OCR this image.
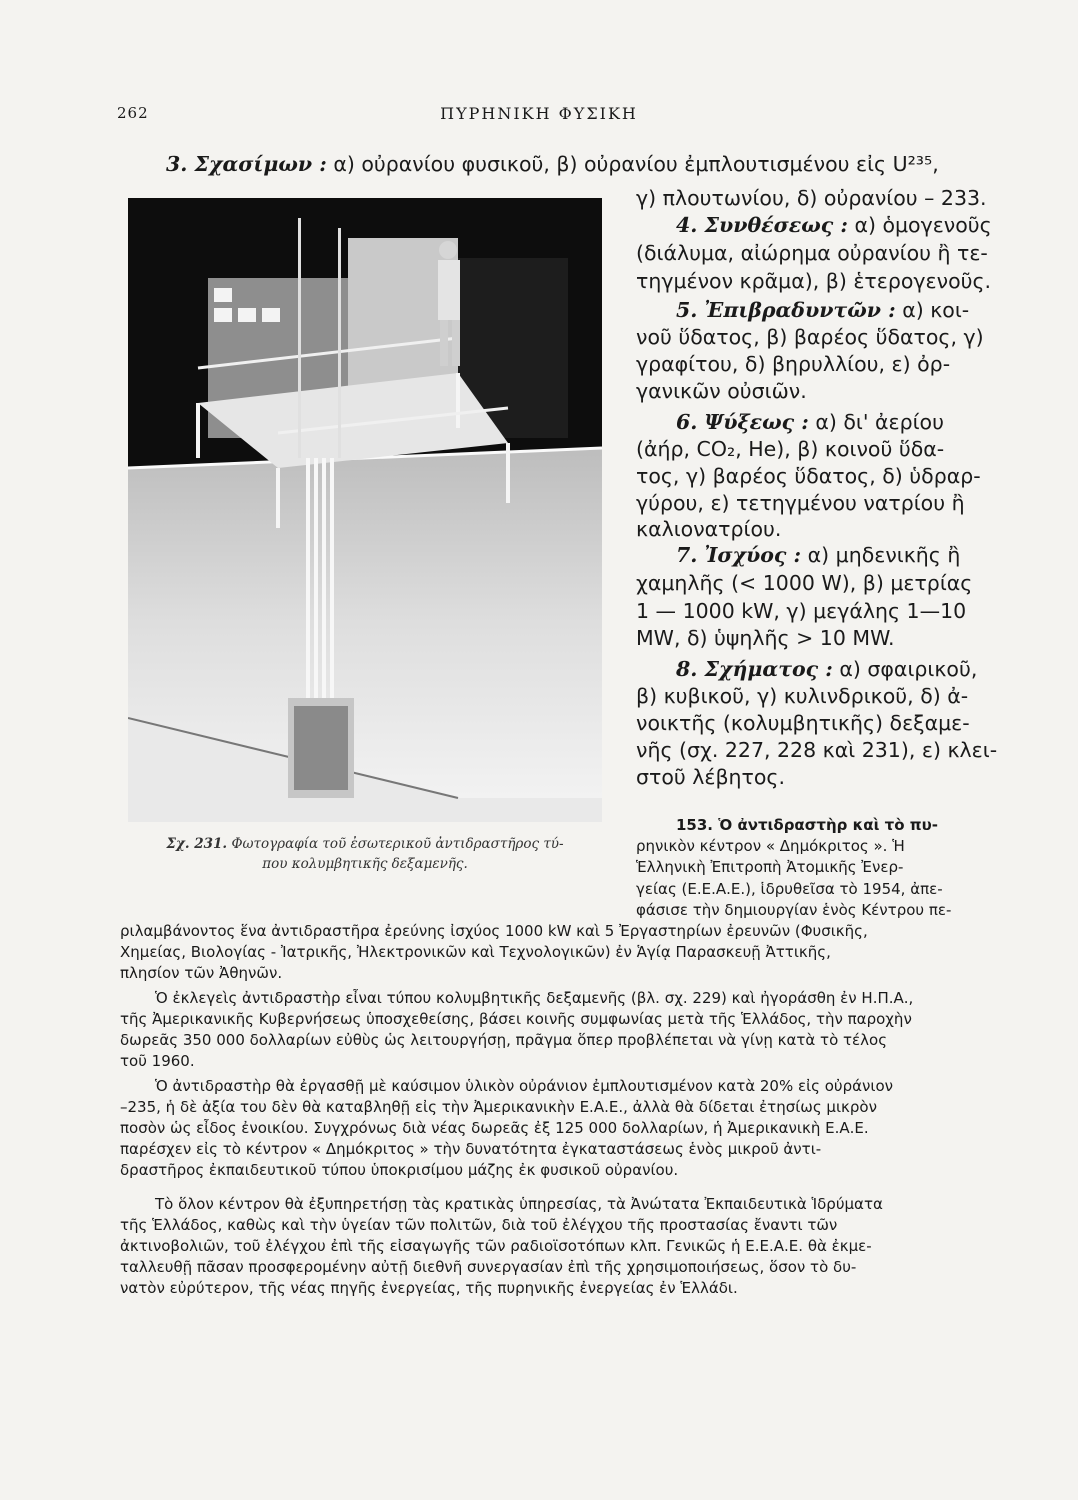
262	ΠΥΡΗΝΙΚΗ ΦΥΣΙΚΗ
3. Σχασίμων : α) οὐρανίου φυσικοῦ, β) οὐρανίου ἐμπλουτισμένου εἰς U²³⁵,
γ) πλουτωνίου, δ) οὐρανίου – 233.
4. Συνθέσεως : α) ὁμογενοῦς
(διάλυμα, αἰώρημα οὐρανίου ἢ τε-
τηγμένον κρᾶμα), β) ἑτερογενοῦς.
5. Ἐπιβραδυντῶν : α) κοι-
νοῦ ὕδατος, β) βαρέος ὕδατος, γ)
γραφίτου, δ) βηρυλλίου, ε) ὀρ-
γανικῶν οὐσιῶν.
6. Ψύξεως : α) δι' ἀερίου
(ἀήρ, CO₂, He), β) κοινοῦ ὕδα-
τος, γ) βαρέος ὕδατος, δ) ὑδραρ-
γύρου, ε) τετηγμένου νατρίου ἢ
καλιονατρίου.
7. Ἰσχύος : α) μηδενικῆς ἢ
χαμηλῆς (< 1000 W), β) μετρίας
1 — 1000 kW, γ) μεγάλης 1—10
MW, δ) ὑψηλῆς > 10 MW.
8. Σχήματος : α) σφαιρικοῦ,
β) κυβικοῦ, γ) κυλινδρικοῦ, δ) ἀ-
νοικτῆς (κολυμβητικῆς) δεξαμε-
νῆς (σχ. 227, 228 καὶ 231), ε) κλει-
στοῦ λέβητος.
Σχ. 231. Φωτογραφία τοῦ ἐσωτερικοῦ ἀντιδραστῆρος τύ-
που κολυμβητικῆς δεξαμενῆς.
153. Ὁ ἀντιδραστὴρ καὶ τὸ πυ-
ρηνικὸν κέντρον « Δημόκριτος ». Ἡ
Ἑλληνικὴ Ἐπιτροπὴ Ἀτομικῆς Ἐνερ-
γείας (Ε.Ε.Α.Ε.), ἱδρυθεῖσα τὸ 1954, ἀπε-
φάσισε τὴν δημιουργίαν ἑνὸς Κέντρου πε-
ριλαμβάνοντος ἕνα ἀντιδραστῆρα ἐρεύνης ἰσχύος 1000 kW καὶ 5 Ἐργαστηρίων ἐρευνῶν (Φυσικῆς,
Χημείας, Βιολογίας - Ἰατρικῆς, Ἠλεκτρονικῶν καὶ Τεχνολογικῶν) ἐν Ἁγίᾳ Παρασκευῇ Ἀττικῆς,
πλησίον τῶν Ἀθηνῶν.
Ὁ ἐκλεγεὶς ἀντιδραστὴρ εἶναι τύπου κολυμβητικῆς δεξαμενῆς (βλ. σχ. 229) καὶ ἠγοράσθη ἐν Η.Π.Α.,
τῆς Ἀμερικανικῆς Κυβερνήσεως ὑποσχεθείσης, βάσει κοινῆς συμφωνίας μετὰ τῆς Ἑλλάδος, τὴν παροχὴν
δωρεᾶς 350 000 δολλαρίων εὐθὺς ὡς λειτουργήσῃ, πρᾶγμα ὅπερ προβλέπεται νὰ γίνῃ κατὰ τὸ τέλος
τοῦ 1960.
Ὁ ἀντιδραστὴρ θὰ ἐργασθῇ μὲ καύσιμον ὑλικὸν οὐράνιον ἐμπλουτισμένον κατὰ 20% εἰς οὐράνιον
–235, ἡ δὲ ἀξία του δὲν θὰ καταβληθῇ εἰς τὴν Ἀμερικανικὴν Ε.Α.Ε., ἀλλὰ θὰ δίδεται ἐτησίως μικρὸν
ποσὸν ὡς εἶδος ἐνοικίου. Συγχρόνως διὰ νέας δωρεᾶς ἐξ 125 000 δολλαρίων, ἡ Ἀμερικανικὴ Ε.Α.Ε.
παρέσχεν εἰς τὸ κέντρον « Δημόκριτος » τὴν δυνατότητα ἐγκαταστάσεως ἑνὸς μικροῦ ἀντι-
δραστῆρος ἐκπαιδευτικοῦ τύπου ὑποκρισίμου μάζης ἐκ φυσικοῦ οὐρανίου.
Τὸ ὅλον κέντρον θὰ ἐξυπηρετήσῃ τὰς κρατικὰς ὑπηρεσίας, τὰ Ἀνώτατα Ἐκπαιδευτικὰ Ἱδρύματα
τῆς Ἑλλάδος, καθὼς καὶ τὴν ὑγείαν τῶν πολιτῶν, διὰ τοῦ ἐλέγχου τῆς προστασίας ἔναντι τῶν
ἀκτινοβολιῶν, τοῦ ἐλέγχου ἐπὶ τῆς εἰσαγωγῆς τῶν ραδιοϊσοτόπων κλπ. Γενικῶς ἡ Ε.Ε.Α.Ε. θὰ ἐκμε-
ταλλευθῇ πᾶσαν προσφερομένην αὐτῇ διεθνῆ συνεργασίαν ἐπὶ τῆς χρησιμοποιήσεως, ὅσον τὸ δυ-
νατὸν εὐρύτερον, τῆς νέας πηγῆς ἐνεργείας, τῆς πυρηνικῆς ἐνεργείας ἐν Ἑλλάδι.
